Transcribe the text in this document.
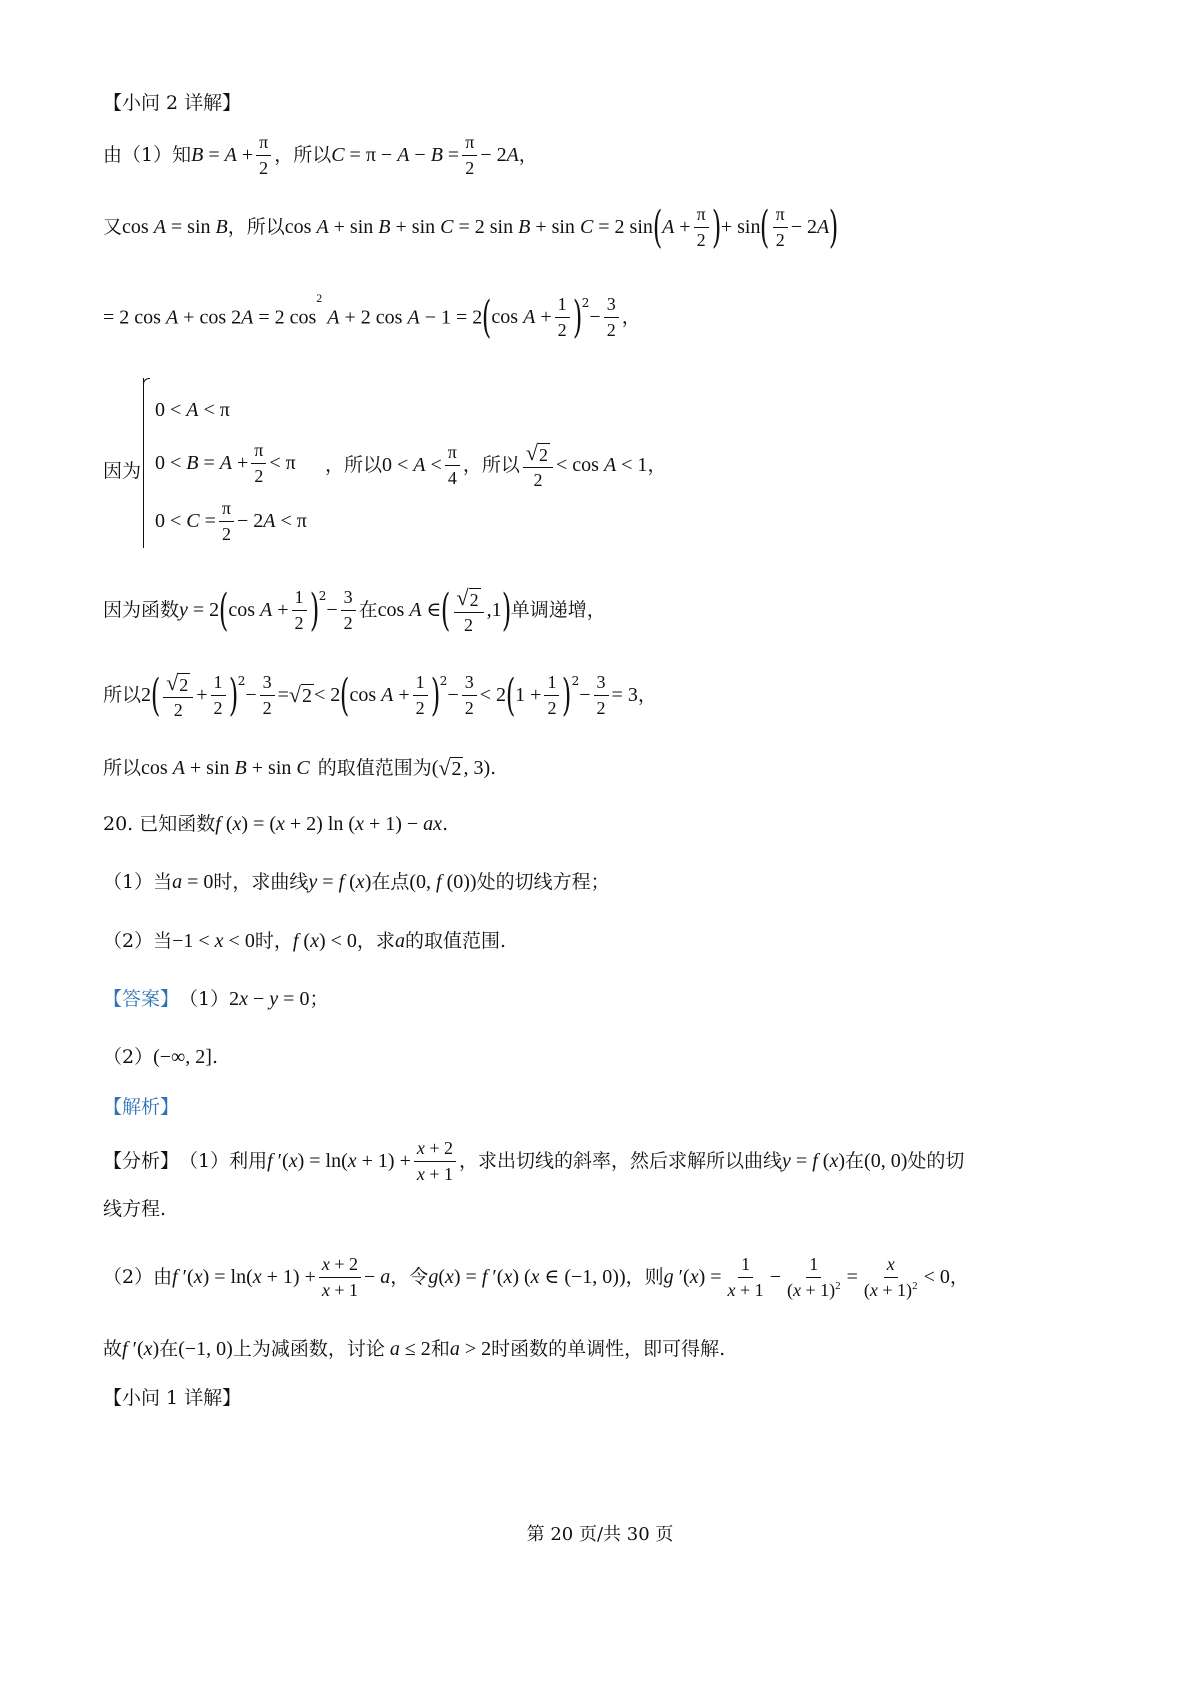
【小问 2 详解】
由（1）知 $B = A + \frac{\pi}{2}$ ，所以 $C = \pi - A - B = \frac{\pi}{2} - 2A$ ，
又 cos A = sin B ，所以 cos A + sin B + sin C = 2 sin B + sin C = 2 sin ( $A + \frac{\pi}{2}$ ) + sin ( $\frac{\pi}{2} - 2A$ )
= 2 cos A + cos 2A = 2 $\cos^2 A + 2$ cos A − 1 = 2 ( $\cos A + \frac{1}{2}$ ) 2
− $\frac{3}{2}$ ，
因为
0 < A < π
$0 < B = A + \frac{\pi}{2} < \pi$
$0 < C = \frac{\pi}{2} - 2A < \pi$
，所以 $0 < A < \frac{\pi}{4}$ ，所以 $\frac{√ 2}{2} < \cos A < 1$ ，
因为函数 y = 2 ( $\cos A + \frac{1}{2}$ ) 2
− $\frac{3}{2}$ 在 cos A ∈ ( $\frac{√ 2}{2} ,1$ ) 单调递增，
所以 2 ( $\frac{√ 2}{2} + \frac{1}{2}$ ) 2
− $\frac{3}{2}$ = √ 2 < 2 ( $\cos A + \frac{1}{2}$ ) 2
− $\frac{3}{2} < 2$ ( $1 + \frac{1}{2}$ ) 2
− $\frac{3}{2} = 3$ ，
所以 cos A + sin B + sin C 的取值范围为 ( √ 2 , 3) .
20.
已知函数 f (x) = (x + 2) ln (x + 1) − ax .
（1）当 a = 0 时，求曲线 y = f (x) 在点 (0, f (0)) 处的切线方程；
（2）当 −1 < x < 0 时， f (x) < 0 ，求 a 的取值范围.
【答案】 （1） 2x − y = 0 ；
（2） (−∞, 2] .
【解析】
【分析】 （1）利用 f $'(x) = \ln(x + 1) + \frac{x + 2}{x + 1}$ ，求出切线的斜率，然后求解所以曲线 y = f (x) 在 (0, 0) 处的切
线方程.
（2）由 f $'(x) = \ln(x + 1) + \frac{x + 2}{x + 1} - a$ ，令 g(x) = f ′(x) (x ∈ (−1, 0)) ，则 g $'(x) = \frac{1}{x + 1} - \frac{1}{(x + 1)^2} = \frac{x}{(x + 1)^2} < 0$ ，
故 f ′(x) 在 (−1, 0) 上为减函数，讨论 a ≤ 2 和 a > 2 时函数的单调性，即可得解.
【小问 1 详解】
第 20 页/共 30 页
